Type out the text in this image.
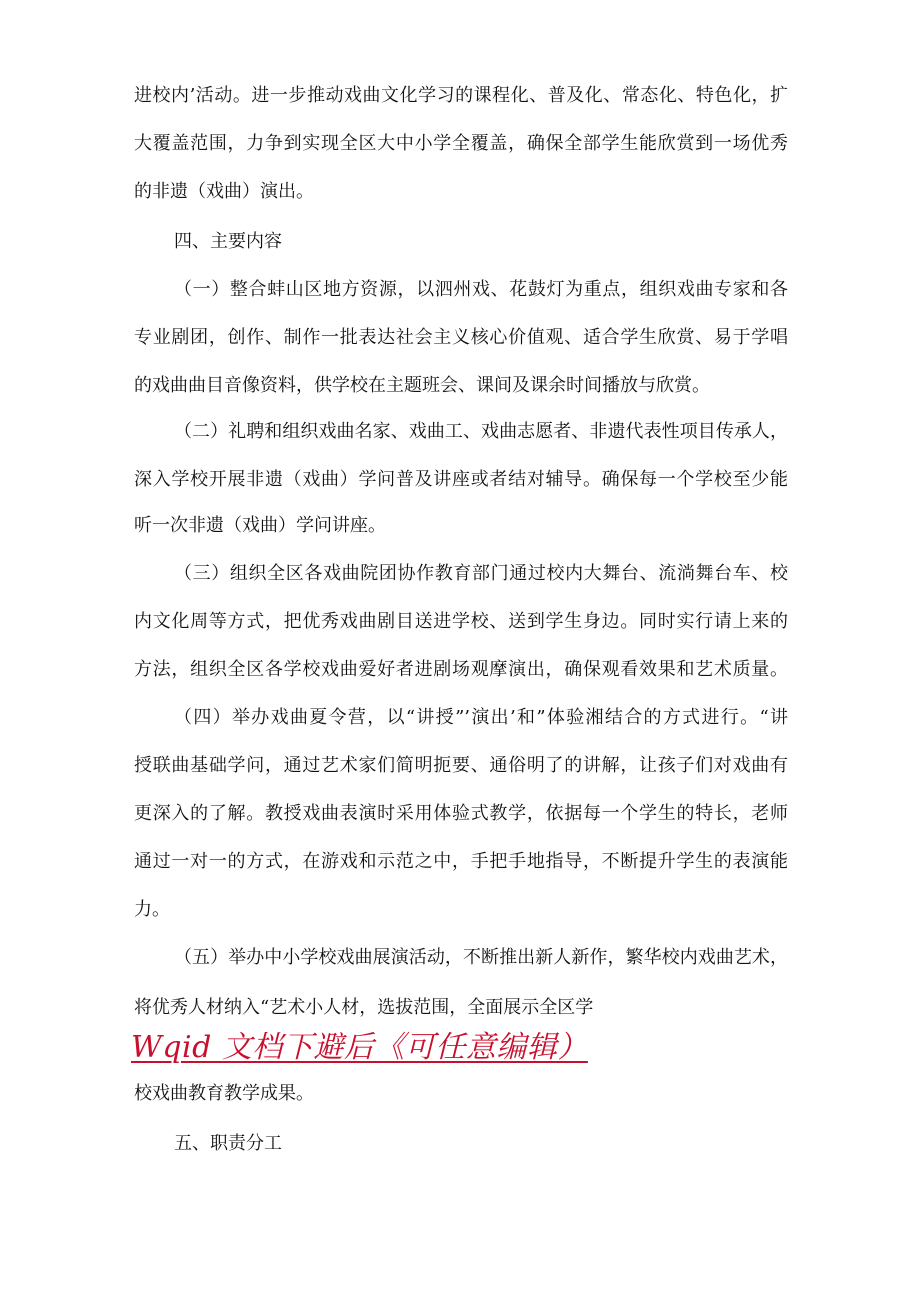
进校内’活动。进一步推动戏曲文化学习的课程化、普及化、常态化、特色化，扩
大覆盖范围，力争到实现全区大中小学全覆盖，确保全部学生能欣赏到一场优秀
的非遗（戏曲）演出。
四、主要内容
（一）整合蚌山区地方资源，以泗州戏、花鼓灯为重点，组织戏曲专家和各
专业剧团，创作、制作一批表达社会主义核心价值观、适合学生欣赏、易于学唱
的戏曲曲目音像资料，供学校在主题班会、课间及课余时间播放与欣赏。
（二）礼聘和组织戏曲名家、戏曲工、戏曲志愿者、非遗代表性项目传承人，
深入学校开展非遗（戏曲）学问普及讲座或者结对辅导。确保每一个学校至少能
听一次非遗（戏曲）学问讲座。
（三）组织全区各戏曲院团协作教育部门通过校内大舞台、流淌舞台车、校
内文化周等方式，把优秀戏曲剧目送进学校、送到学生身边。同时实行请上来的
方法，组织全区各学校戏曲爱好者进剧场观摩演出，确保观看效果和艺术质量。
（四）举办戏曲夏令营，以“讲授”’演出’和”体验湘结合的方式进行。“讲
授联曲基础学问，通过艺术家们简明扼要、通俗明了的讲解，让孩子们对戏曲有
更深入的了解。教授戏曲表演时采用体验式教学，依据每一个学生的特长，老师
通过一对一的方式，在游戏和示范之中，手把手地指导，不断提升学生的表演能
力。
（五）举办中小学校戏曲展演活动，不断推出新人新作，繁华校内戏曲艺术，
将优秀人材纳入“艺术小人材，选拔范围，全面展示全区学
Wqid 文档下避后《可任意编辑）
校戏曲教育教学成果。
五、职责分工
